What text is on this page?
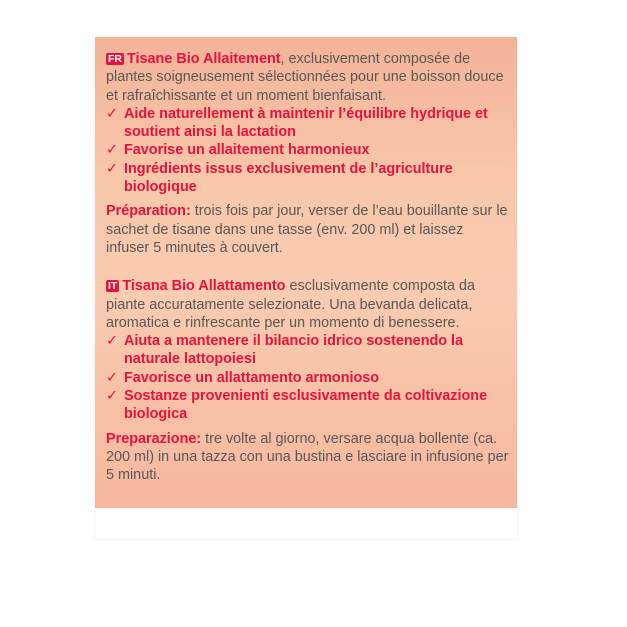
FR Tisane Bio Allaitement, exclusivement composée de plantes soigneusement sélectionnées pour une boisson douce et rafraîchissante et un moment bienfaisant.

✓ Aide naturellement à maintenir l’équilibre hydrique et soutient ainsi la lactation
✓ Favorise un allaitement harmonieux
✓ Ingrédients issus exclusivement de l’agriculture biologique

Préparation: trois fois par jour, verser de l’eau bouillante sur le sachet de tisane dans une tasse (env. 200 ml) et laissez infuser 5 minutes à couvert.

IT Tisana Bio Allattamento esclusivamente composta da piante accuratamente selezionate. Una bevanda delicata, aromatica e rinfrescante per un momento di benessere.

✓ Aiuta a mantenere il bilancio idrico sostenendo la naturale lattopoiesi
✓ Favorisce un allattamento armonioso
✓ Sostanze provenienti esclusivamente da coltivazione biologica

Preparazione: tre volte al giorno, versare acqua bollente (ca. 200 ml) in una tazza con una bustina e lasciare in infusione per 5 minuti.
